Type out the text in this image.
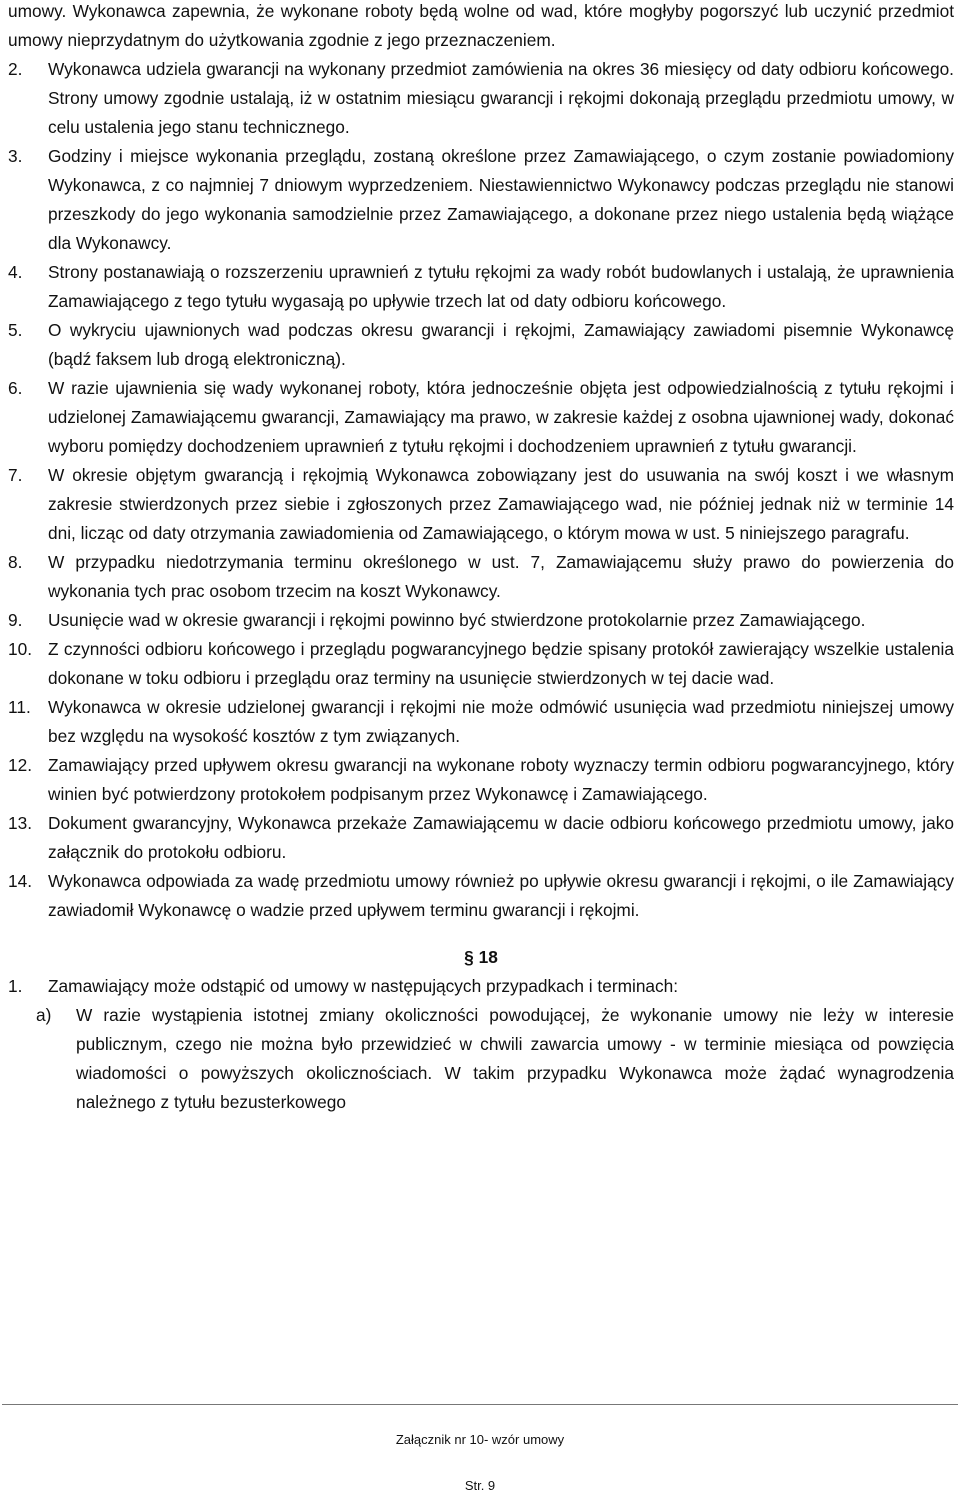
umowy. Wykonawca zapewnia, że wykonane roboty będą wolne od wad, które mogłyby pogorszyć lub uczynić przedmiot umowy nieprzydatnym do użytkowania zgodnie z jego przeznaczeniem.

2.	Wykonawca udziela gwarancji na wykonany przedmiot zamówienia na okres 36 miesięcy od daty odbioru końcowego. Strony umowy zgodnie ustalają, iż w ostatnim miesiącu gwarancji i rękojmi dokonają przeglądu przedmiotu umowy, w celu ustalenia jego stanu technicznego.
3.	Godziny i miejsce wykonania przeglądu, zostaną określone przez Zamawiającego, o czym zostanie powiadomiony Wykonawca, z co najmniej 7 dniowym wyprzedzeniem. Niestawiennictwo Wykonawcy podczas przeglądu nie stanowi przeszkody do jego wykonania samodzielnie przez Zamawiającego, a dokonane przez niego ustalenia będą wiążące dla Wykonawcy.
4.	Strony postanawiają o rozszerzeniu uprawnień z tytułu rękojmi za wady robót budowlanych i ustalają, że uprawnienia Zamawiającego z tego tytułu wygasają po upływie trzech lat od daty odbioru końcowego.
5.	O wykryciu ujawnionych wad podczas okresu gwarancji i rękojmi, Zamawiający zawiadomi pisemnie Wykonawcę (bądź faksem lub drogą elektroniczną).
6.	W razie ujawnienia się wady wykonanej roboty, która jednocześnie objęta jest odpowiedzialnością z tytułu rękojmi i udzielonej Zamawiającemu gwarancji, Zamawiający ma prawo, w zakresie każdej z osobna ujawnionej wady, dokonać wyboru pomiędzy dochodzeniem uprawnień z tytułu rękojmi i dochodzeniem uprawnień z tytułu gwarancji.
7.	W okresie objętym gwarancją i rękojmią Wykonawca zobowiązany jest do usuwania na swój koszt i we własnym zakresie stwierdzonych przez siebie i zgłoszonych przez Zamawiającego wad, nie później jednak niż w terminie 14 dni, licząc od daty otrzymania zawiadomienia od Zamawiającego, o którym mowa w ust. 5 niniejszego paragrafu.
8.	W przypadku niedotrzymania terminu określonego w ust. 7, Zamawiającemu służy prawo do powierzenia do wykonania tych prac osobom trzecim na koszt Wykonawcy.
9.	Usunięcie wad w okresie gwarancji i rękojmi powinno być stwierdzone protokolarnie przez Zamawiającego.
10. Z czynności odbioru końcowego i przeglądu pogwarancyjnego będzie spisany protokół zawierający wszelkie ustalenia dokonane w toku odbioru i przeglądu oraz terminy na usunięcie stwierdzonych w tej dacie wad.
11. Wykonawca w okresie udzielonej gwarancji i rękojmi nie może odmówić usunięcia wad przedmiotu niniejszej umowy bez względu na wysokość kosztów z tym związanych.
12. Zamawiający przed upływem okresu gwarancji na wykonane roboty wyznaczy termin odbioru pogwarancyjnego, który winien być potwierdzony protokołem podpisanym przez Wykonawcę i Zamawiającego.
13. Dokument gwarancyjny, Wykonawca przekaże Zamawiającemu w dacie odbioru końcowego przedmiotu umowy, jako załącznik do protokołu odbioru.
14. Wykonawca odpowiada za wadę przedmiotu umowy również po upływie okresu gwarancji i rękojmi, o ile Zamawiający zawiadomił Wykonawcę o wadzie przed upływem terminu gwarancji i rękojmi.
§ 18
1.	Zamawiający może odstąpić od umowy w następujących przypadkach i terminach:
a)	W razie wystąpienia istotnej zmiany okoliczności powodującej, że wykonanie umowy nie leży w interesie publicznym, czego nie można było przewidzieć w chwili zawarcia umowy - w terminie miesiąca od powzięcia wiadomości o powyższych okolicznościach. W takim przypadku Wykonawca może żądać wynagrodzenia należnego z tytułu bezusterkowego
Załącznik nr 10- wzór umowy
Str. 9
